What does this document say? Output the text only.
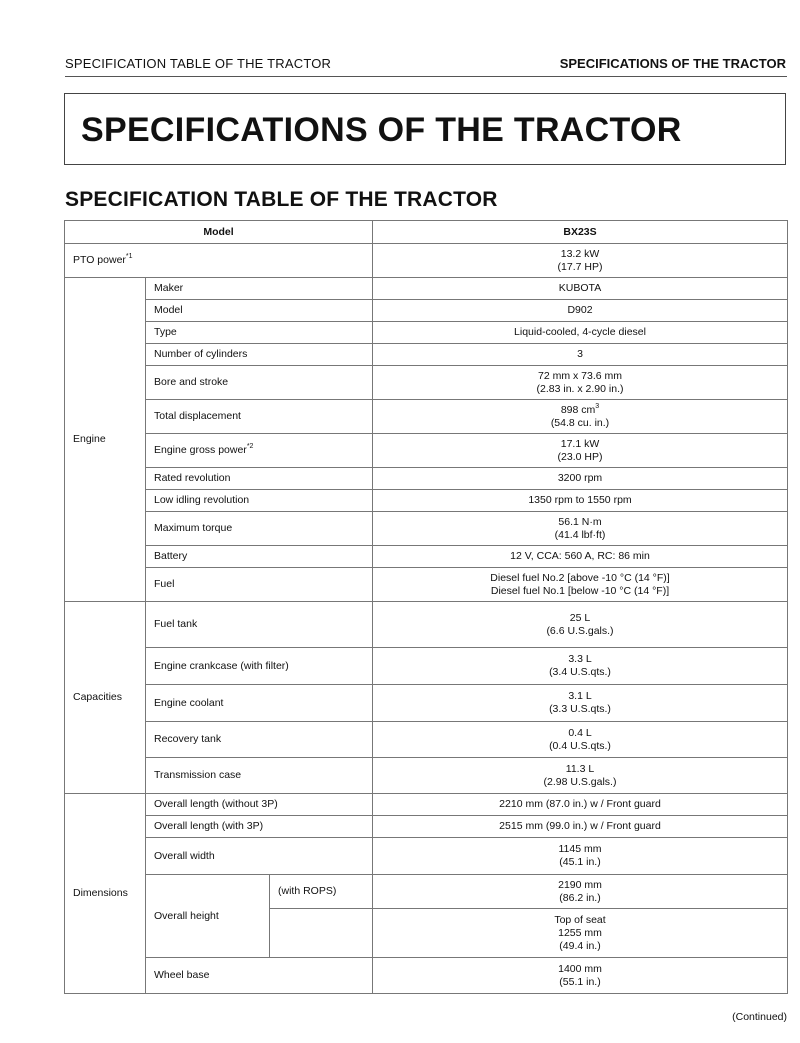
SPECIFICATION TABLE OF THE TRACTOR	SPECIFICATIONS OF THE TRACTOR
SPECIFICATIONS OF THE TRACTOR
SPECIFICATION TABLE OF THE TRACTOR
Model			BX23S
PTO power$^{*1}$			13.2 kW
(17.7 HP)

Engine	Maker		KUBOTA
	Model		D902
	Type		Liquid-cooled, 4-cycle diesel
	Number of cylinders		3
	Bore and stroke		72 mm x 73.6 mm
(2.83 in. x 2.90 in.)

	Total displacement		898 $cm^3$
(54.8 cu. in.)

	Engine gross power$^{*2}$		17.1 kW
(23.0 HP)

	Rated revolution		3200 rpm
	Low idling revolution		1350 rpm to 1550 rpm
	Maximum torque		56.1 N·m
(41.4 lbf·ft)

	Battery		12 V, CCA: 560 A, RC: 86 min
	Fuel		Diesel fuel No.2 [above -10 °C (14 °F)]
Diesel fuel No.1 [below -10 °C (14 °F)]

Capacities	Fuel tank		25 L
(6.6 U.S.gals.)

	Engine crankcase (with filter)		3.3 L
(3.4 U.S.qts.)

	Engine coolant		3.1 L
(3.3 U.S.qts.)

	Recovery tank		0.4 L
(0.4 U.S.qts.)

	Transmission case		11.3 L
(2.98 U.S.gals.)

Dimensions	Overall length (without 3P)		2210 mm (87.0 in.) w / Front guard
	Overall length (with 3P)		2515 mm (99.0 in.) w / Front guard
	Overall width		1145 mm
(45.1 in.)

	Overall height	(with ROPS)	2190 mm
(86.2 in.)

			Top of seat
1255 mm
(49.4 in.)

	Wheel base		1400 mm
(55.1 in.)
(Continued)
